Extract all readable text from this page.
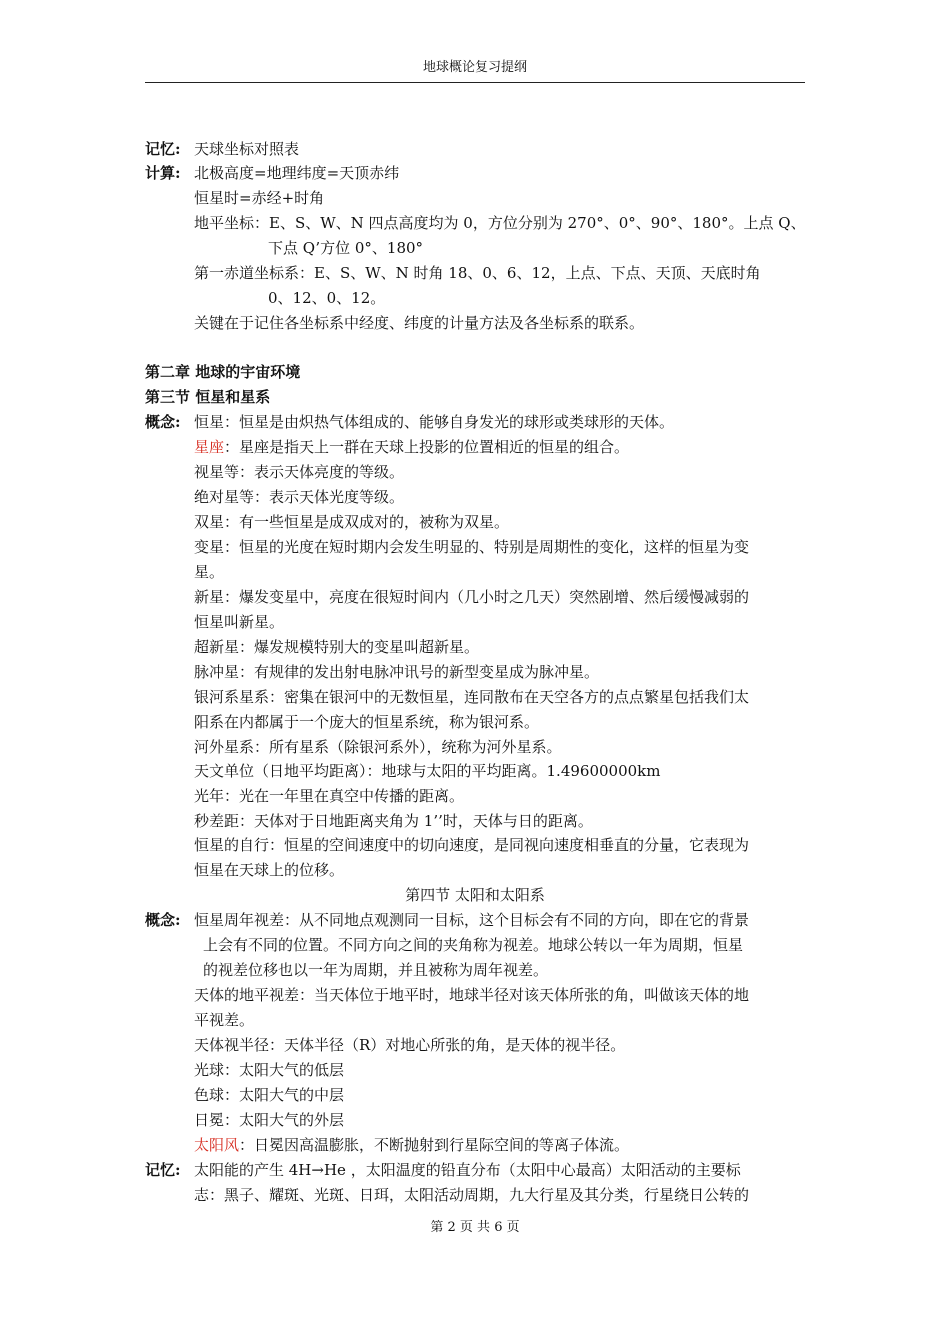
地球概论复习提纲
记忆: 天球坐标对照表
计算: 北极高度=地理纬度=天顶赤纬
恒星时=赤经+时角
地平坐标：E、S、W、N 四点高度均为 0，方位分别为 270°、0°、90°、180°。上点 Q、
下点 Q’方位 0°、180°
第一赤道坐标系：E、S、W、N 时角 18、0、6、12，上点、下点、天顶、天底时角
0、12、0、12。
关键在于记住各坐标系中经度、纬度的计量方法及各坐标系的联系。
第二章 地球的宇宙环境
第三节 恒星和星系
概念: 恒星：恒星是由炽热气体组成的、能够自身发光的球形或类球形的天体。
星座：星座是指天上一群在天球上投影的位置相近的恒星的组合。
视星等：表示天体亮度的等级。
绝对星等：表示天体光度等级。
双星：有一些恒星是成双成对的，被称为双星。
变星：恒星的光度在短时期内会发生明显的、特别是周期性的变化，这样的恒星为变
星。
新星：爆发变星中，亮度在很短时间内（几小时之几天）突然剧增、然后缓慢减弱的
恒星叫新星。
超新星：爆发规模特别大的变星叫超新星。
脉冲星：有规律的发出射电脉冲讯号的新型变星成为脉冲星。
银河系星系：密集在银河中的无数恒星，连同散布在天空各方的点点繁星包括我们太
阳系在内都属于一个庞大的恒星系统，称为银河系。
河外星系：所有星系（除银河系外），统称为河外星系。
天文单位（日地平均距离）：地球与太阳的平均距离。1.49600000km
光年：光在一年里在真空中传播的距离。
秒差距：天体对于日地距离夹角为 1’’时，天体与日的距离。
恒星的自行：恒星的空间速度中的切向速度，是同视向速度相垂直的分量，它表现为
恒星在天球上的位移。
第四节 太阳和太阳系
概念: 恒星周年视差：从不同地点观测同一目标，这个目标会有不同的方向，即在它的背景
上会有不同的位置。不同方向之间的夹角称为视差。地球公转以一年为周期，恒星
的视差位移也以一年为周期，并且被称为周年视差。
天体的地平视差：当天体位于地平时，地球半径对该天体所张的角，叫做该天体的地
平视差。
天体视半径：天体半径（R）对地心所张的角，是天体的视半径。
光球：太阳大气的低层
色球：太阳大气的中层
日冕：太阳大气的外层
太阳风：日冕因高温膨胀，不断抛射到行星际空间的等离子体流。
记忆: 太阳能的产生 4H→He ，太阳温度的铅直分布（太阳中心最高）太阳活动的主要标
志：黑子、耀斑、光斑、日珥，太阳活动周期，九大行星及其分类，行星绕日公转的
第 2 页 共 6 页
